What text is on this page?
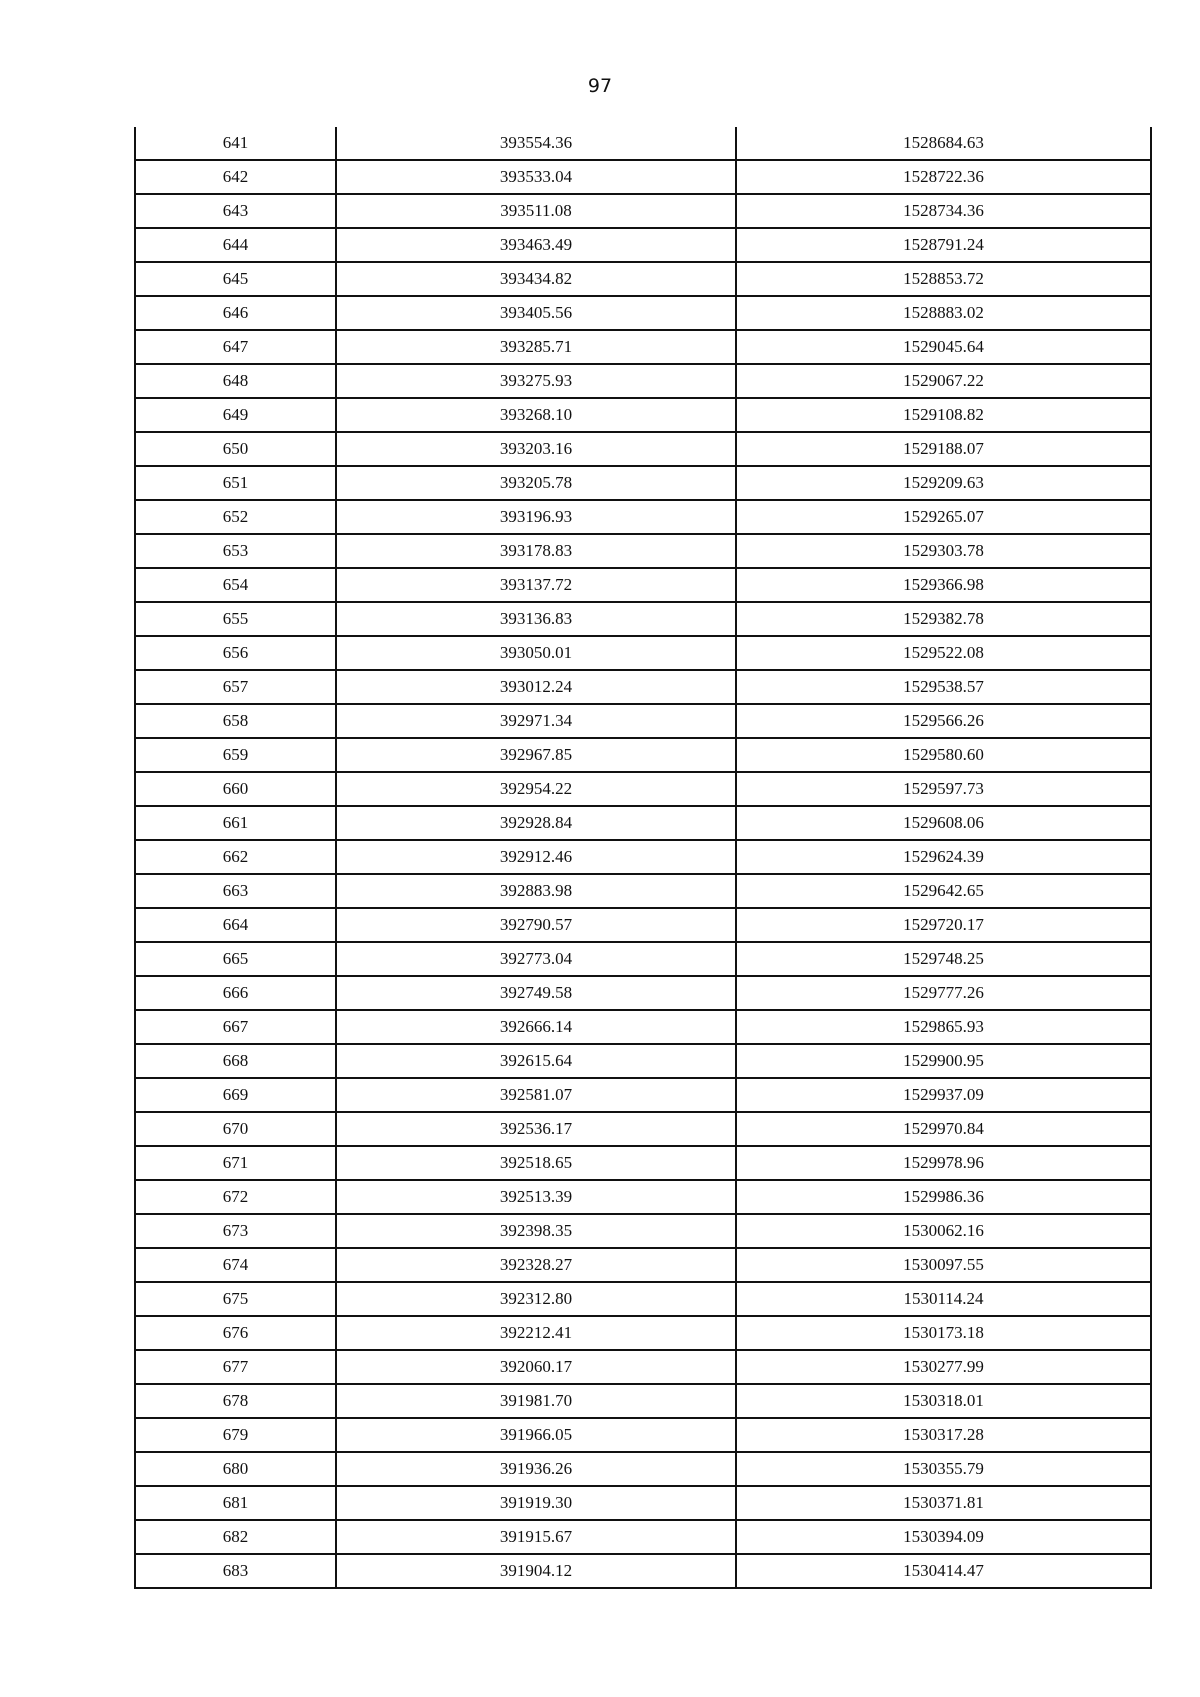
97
641	393554.36	1528684.63
642	393533.04	1528722.36
643	393511.08	1528734.36
644	393463.49	1528791.24
645	393434.82	1528853.72
646	393405.56	1528883.02
647	393285.71	1529045.64
648	393275.93	1529067.22
649	393268.10	1529108.82
650	393203.16	1529188.07
651	393205.78	1529209.63
652	393196.93	1529265.07
653	393178.83	1529303.78
654	393137.72	1529366.98
655	393136.83	1529382.78
656	393050.01	1529522.08
657	393012.24	1529538.57
658	392971.34	1529566.26
659	392967.85	1529580.60
660	392954.22	1529597.73
661	392928.84	1529608.06
662	392912.46	1529624.39
663	392883.98	1529642.65
664	392790.57	1529720.17
665	392773.04	1529748.25
666	392749.58	1529777.26
667	392666.14	1529865.93
668	392615.64	1529900.95
669	392581.07	1529937.09
670	392536.17	1529970.84
671	392518.65	1529978.96
672	392513.39	1529986.36
673	392398.35	1530062.16
674	392328.27	1530097.55
675	392312.80	1530114.24
676	392212.41	1530173.18
677	392060.17	1530277.99
678	391981.70	1530318.01
679	391966.05	1530317.28
680	391936.26	1530355.79
681	391919.30	1530371.81
682	391915.67	1530394.09
683	391904.12	1530414.47
